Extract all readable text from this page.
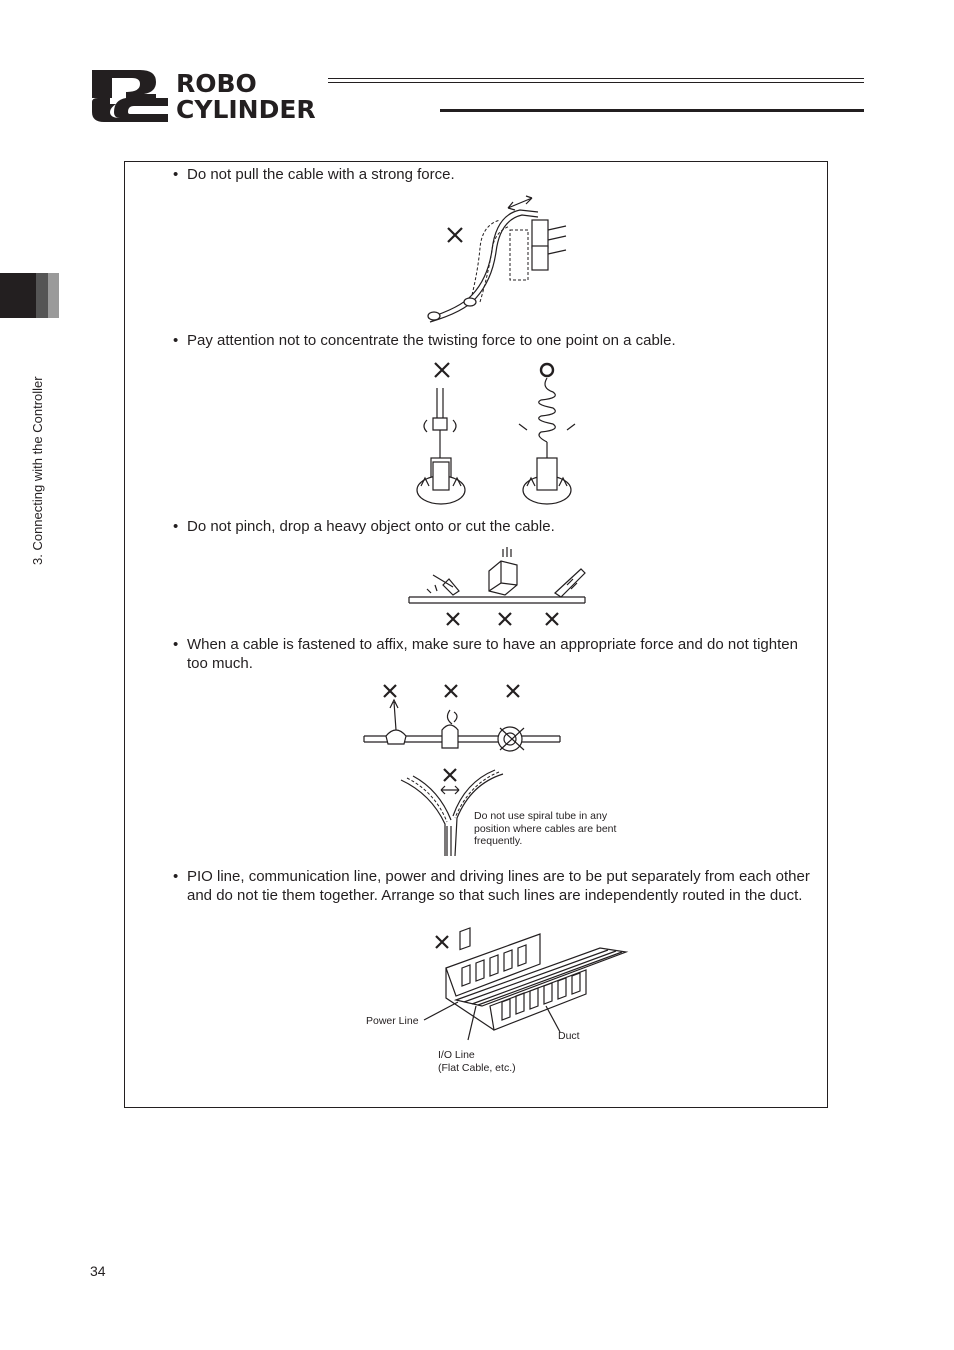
ROBO
CYLINDER
3. Connecting with the Controller
• Do not pull the cable with a strong force.
• Pay attention not to concentrate the twisting force to one point on a cable.
• Do not pinch, drop a heavy object onto or cut the cable.
• When a cable is fastened to affix, make sure to have an appropriate force and do not tighten too much.
Do not use spiral tube in any position where cables are bent frequently.
• PIO line, communication line, power and driving lines are to be put separately from each other and do not tie them together. Arrange so that such lines are independently routed in the duct.
Power Line
Duct
I/O Line
(Flat Cable, etc.)
34
